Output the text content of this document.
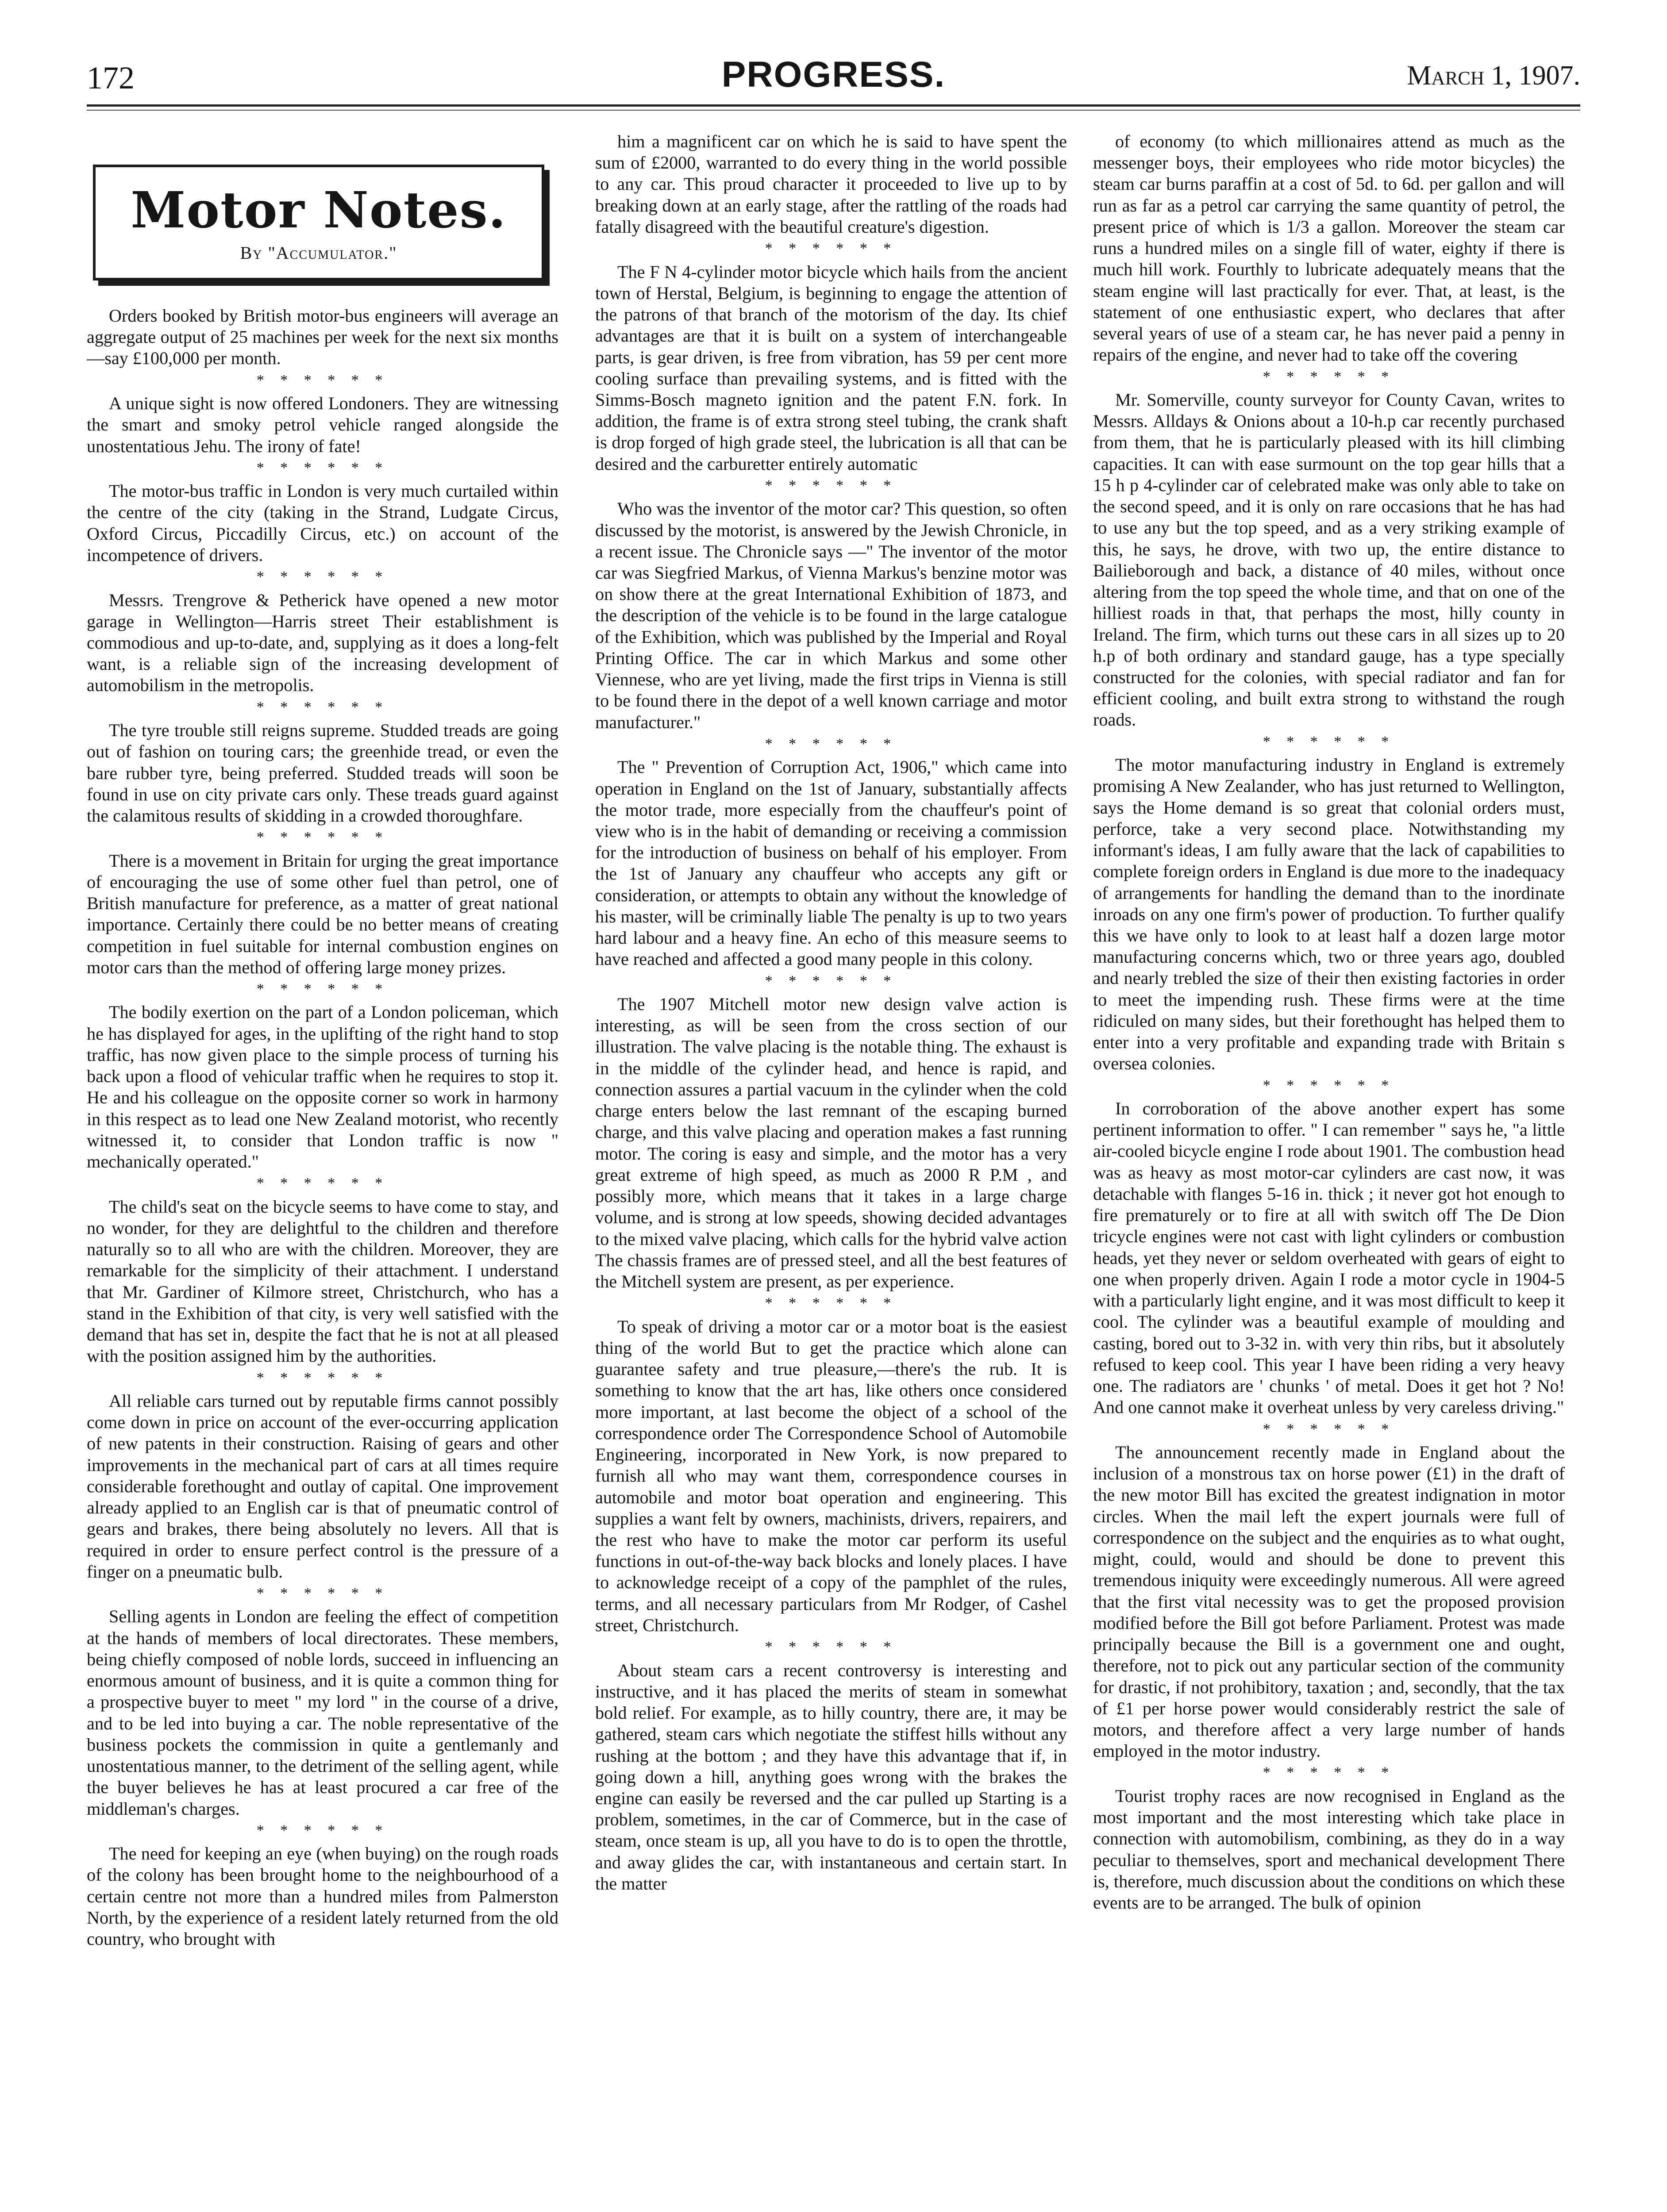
172	PROGRESS.	March 1, 1907.
Motor Notes.
By "Accumulator."

Orders booked by British motor-bus engineers will average an aggregate output of 25 machines per week for the next six months—say £100,000 per month.

* * * * * *

A unique sight is now offered Londoners. They are witnessing the smart and smoky petrol vehicle ranged alongside the unostentatious Jehu. The irony of fate!

* * * * * *

The motor-bus traffic in London is very much curtailed within the centre of the city (taking in the Strand, Ludgate Circus, Oxford Circus, Piccadilly Circus, etc.) on account of the incompetence of drivers.

* * * * * *

Messrs. Trengrove & Petherick have opened a new motor garage in Wellington—Harris street Their establishment is commodious and up-to-date, and, supplying as it does a long-felt want, is a reliable sign of the increasing development of automobilism in the metropolis.

* * * * * *

The tyre trouble still reigns supreme. Studded treads are going out of fashion on touring cars; the greenhide tread, or even the bare rubber tyre, being preferred. Studded treads will soon be found in use on city private cars only. These treads guard against the calamitous results of skidding in a crowded thoroughfare.

* * * * * *

There is a movement in Britain for urging the great importance of encouraging the use of some other fuel than petrol, one of British manufacture for preference, as a matter of great national importance. Certainly there could be no better means of creating competition in fuel suitable for internal combustion engines on motor cars than the method of offering large money prizes.

* * * * * *

The bodily exertion on the part of a London policeman, which he has displayed for ages, in the uplifting of the right hand to stop traffic, has now given place to the simple process of turning his back upon a flood of vehicular traffic when he requires to stop it. He and his colleague on the opposite corner so work in harmony in this respect as to lead one New Zealand motorist, who recently witnessed it, to consider that London traffic is now " mechanically operated."

* * * * * *

The child's seat on the bicycle seems to have come to stay, and no wonder, for they are delightful to the children and therefore naturally so to all who are with the children. Moreover, they are remarkable for the simplicity of their attachment. I understand that Mr. Gardiner of Kilmore street, Christchurch, who has a stand in the Exhibition of that city, is very well satisfied with the demand that has set in, despite the fact that he is not at all pleased with the position assigned him by the authorities.

* * * * * *

All reliable cars turned out by reputable firms cannot possibly come down in price on account of the ever-occurring application of new patents in their construction. Raising of gears and other improvements in the mechanical part of cars at all times require considerable forethought and outlay of capital. One improvement already applied to an English car is that of pneumatic control of gears and brakes, there being absolutely no levers. All that is required in order to ensure perfect control is the pressure of a finger on a pneumatic bulb.

* * * * * *

Selling agents in London are feeling the effect of competition at the hands of members of local directorates. These members, being chiefly composed of noble lords, succeed in influencing an enormous amount of business, and it is quite a common thing for a prospective buyer to meet " my lord " in the course of a drive, and to be led into buying a car. The noble representative of the business pockets the commission in quite a gentlemanly and unostentatious manner, to the detriment of the selling agent, while the buyer believes he has at least procured a car free of the middleman's charges.

* * * * * *

The need for keeping an eye (when buying) on the rough roads of the colony has been brought home to the neighbourhood of a certain centre not more than a hundred miles from Palmerston North, by the experience of a resident lately returned from the old country, who brought with

him a magnificent car on which he is said to have spent the sum of £2000, warranted to do every thing in the world possible to any car. This proud character it proceeded to live up to by breaking down at an early stage, after the rattling of the roads had fatally disagreed with the beautiful creature's digestion.

* * * * * *

The F N 4-cylinder motor bicycle which hails from the ancient town of Herstal, Belgium, is beginning to engage the attention of the patrons of that branch of the motorism of the day. Its chief advantages are that it is built on a system of interchangeable parts, is gear driven, is free from vibration, has 59 per cent more cooling surface than prevailing systems, and is fitted with the Simms-Bosch magneto ignition and the patent F.N. fork. In addition, the frame is of extra strong steel tubing, the crank shaft is drop forged of high grade steel, the lubrication is all that can be desired and the carburetter entirely automatic

* * * * * *

Who was the inventor of the motor car? This question, so often discussed by the motorist, is answered by the Jewish Chronicle, in a recent issue. The Chronicle says —" The inventor of the motor car was Siegfried Markus, of Vienna Markus's benzine motor was on show there at the great International Exhibition of 1873, and the description of the vehicle is to be found in the large catalogue of the Exhibition, which was published by the Imperial and Royal Printing Office. The car in which Markus and some other Viennese, who are yet living, made the first trips in Vienna is still to be found there in the depot of a well known carriage and motor manufacturer."

* * * * * *

The " Prevention of Corruption Act, 1906," which came into operation in England on the 1st of January, substantially affects the motor trade, more especially from the chauffeur's point of view who is in the habit of demanding or receiving a commission for the introduction of business on behalf of his employer. From the 1st of January any chauffeur who accepts any gift or consideration, or attempts to obtain any without the knowledge of his master, will be criminally liable The penalty is up to two years hard labour and a heavy fine. An echo of this measure seems to have reached and affected a good many people in this colony.

* * * * * *

The 1907 Mitchell motor new design valve action is interesting, as will be seen from the cross section of our illustration. The valve placing is the notable thing. The exhaust is in the middle of the cylinder head, and hence is rapid, and connection assures a partial vacuum in the cylinder when the cold charge enters below the last remnant of the escaping burned charge, and this valve placing and operation makes a fast running motor. The coring is easy and simple, and the motor has a very great extreme of high speed, as much as 2000 R P.M , and possibly more, which means that it takes in a large charge volume, and is strong at low speeds, showing decided advantages to the mixed valve placing, which calls for the hybrid valve action The chassis frames are of pressed steel, and all the best features of the Mitchell system are present, as per experience.

* * * * * *

To speak of driving a motor car or a motor boat is the easiest thing of the world But to get the practice which alone can guarantee safety and true pleasure,—there's the rub. It is something to know that the art has, like others once considered more important, at last become the object of a school of the correspondence order The Correspondence School of Automobile Engineering, incorporated in New York, is now prepared to furnish all who may want them, correspondence courses in automobile and motor boat operation and engineering. This supplies a want felt by owners, machinists, drivers, repairers, and the rest who have to make the motor car perform its useful functions in out-of-the-way back blocks and lonely places. I have to acknowledge receipt of a copy of the pamphlet of the rules, terms, and all necessary particulars from Mr Rodger, of Cashel street, Christchurch.

* * * * * *

About steam cars a recent controversy is interesting and instructive, and it has placed the merits of steam in somewhat bold relief. For example, as to hilly country, there are, it may be gathered, steam cars which negotiate the stiffest hills without any rushing at the bottom ; and they have this advantage that if, in going down a hill, anything goes wrong with the brakes the engine can easily be reversed and the car pulled up Starting is a problem, sometimes, in the car of Commerce, but in the case of steam, once steam is up, all you have to do is to open the throttle, and away glides the car, with instantaneous and certain start. In the matter

of economy (to which millionaires attend as much as the messenger boys, their employees who ride motor bicycles) the steam car burns paraffin at a cost of 5d. to 6d. per gallon and will run as far as a petrol car carrying the same quantity of petrol, the present price of which is 1/3 a gallon. Moreover the steam car runs a hundred miles on a single fill of water, eighty if there is much hill work. Fourthly to lubricate adequately means that the steam engine will last practically for ever. That, at least, is the statement of one enthusiastic expert, who declares that after several years of use of a steam car, he has never paid a penny in repairs of the engine, and never had to take off the covering

* * * * * *

Mr. Somerville, county surveyor for County Cavan, writes to Messrs. Alldays & Onions about a 10-h.p car recently purchased from them, that he is particularly pleased with its hill climbing capacities. It can with ease surmount on the top gear hills that a 15 h p 4-cylinder car of celebrated make was only able to take on the second speed, and it is only on rare occasions that he has had to use any but the top speed, and as a very striking example of this, he says, he drove, with two up, the entire distance to Bailieborough and back, a distance of 40 miles, without once altering from the top speed the whole time, and that on one of the hilliest roads in that, that perhaps the most, hilly county in Ireland. The firm, which turns out these cars in all sizes up to 20 h.p of both ordinary and standard gauge, has a type specially constructed for the colonies, with special radiator and fan for efficient cooling, and built extra strong to withstand the rough roads.

* * * * * *

The motor manufacturing industry in England is extremely promising A New Zealander, who has just returned to Wellington, says the Home demand is so great that colonial orders must, perforce, take a very second place. Notwithstanding my informant's ideas, I am fully aware that the lack of capabilities to complete foreign orders in England is due more to the inadequacy of arrangements for handling the demand than to the inordinate inroads on any one firm's power of production. To further qualify this we have only to look to at least half a dozen large motor manufacturing concerns which, two or three years ago, doubled and nearly trebled the size of their then existing factories in order to meet the impending rush. These firms were at the time ridiculed on many sides, but their forethought has helped them to enter into a very profitable and expanding trade with Britain s oversea colonies.

* * * * * *

In corroboration of the above another expert has some pertinent information to offer. " I can remember " says he, "a little air-cooled bicycle engine I rode about 1901. The combustion head was as heavy as most motor-car cylinders are cast now, it was detachable with flanges 5-16 in. thick ; it never got hot enough to fire prematurely or to fire at all with switch off The De Dion tricycle engines were not cast with light cylinders or combustion heads, yet they never or seldom overheated with gears of eight to one when properly driven. Again I rode a motor cycle in 1904-5 with a particularly light engine, and it was most difficult to keep it cool. The cylinder was a beautiful example of moulding and casting, bored out to 3-32 in. with very thin ribs, but it absolutely refused to keep cool. This year I have been riding a very heavy one. The radiators are ' chunks ' of metal. Does it get hot ? No! And one cannot make it overheat unless by very careless driving."

* * * * * *

The announcement recently made in England about the inclusion of a monstrous tax on horse power (£1) in the draft of the new motor Bill has excited the greatest indignation in motor circles. When the mail left the expert journals were full of correspondence on the subject and the enquiries as to what ought, might, could, would and should be done to prevent this tremendous iniquity were exceedingly numerous. All were agreed that the first vital necessity was to get the proposed provision modified before the Bill got before Parliament. Protest was made principally because the Bill is a government one and ought, therefore, not to pick out any particular section of the community for drastic, if not prohibitory, taxation ; and, secondly, that the tax of £1 per horse power would considerably restrict the sale of motors, and therefore affect a very large number of hands employed in the motor industry.

* * * * * *

Tourist trophy races are now recognised in England as the most important and the most interesting which take place in connection with automobilism, combining, as they do in a way peculiar to themselves, sport and mechanical development There is, therefore, much discussion about the conditions on which these events are to be arranged. The bulk of opinion
